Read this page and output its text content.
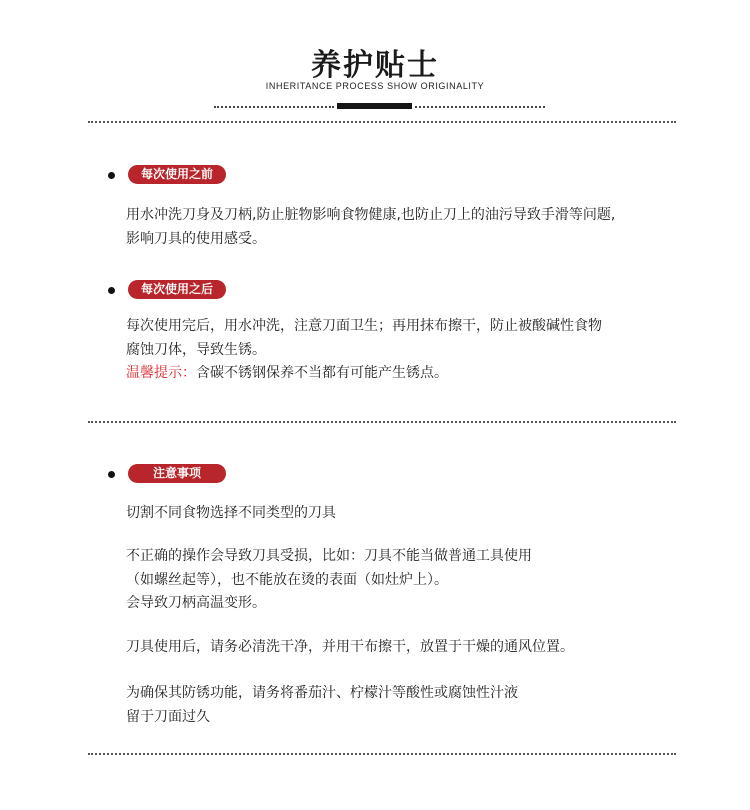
养护贴士
INHERITANCE PROCESS SHOW ORIGINALITY
每次使用之前
用水冲洗刀身及刀柄,防止脏物影响食物健康,也防止刀上的油污导致手滑等问题,
影响刀具的使用感受。
每次使用之后
每次使用完后，用水冲洗，注意刀面卫生；再用抹布擦干，防止被酸碱性食物
腐蚀刀体，导致生锈。
温馨提示：含碳不锈钢保养不当都有可能产生锈点。
注意事项
切割不同食物选择不同类型的刀具
不正确的操作会导致刀具受损，比如：刀具不能当做普通工具使用
（如螺丝起等），也不能放在烫的表面（如灶炉上）。
会导致刀柄高温变形。
刀具使用后，请务必清洗干净，并用干布擦干，放置于干燥的通风位置。
为确保其防锈功能，请务将番茄汁、柠檬汁等酸性或腐蚀性汁液
留于刀面过久
